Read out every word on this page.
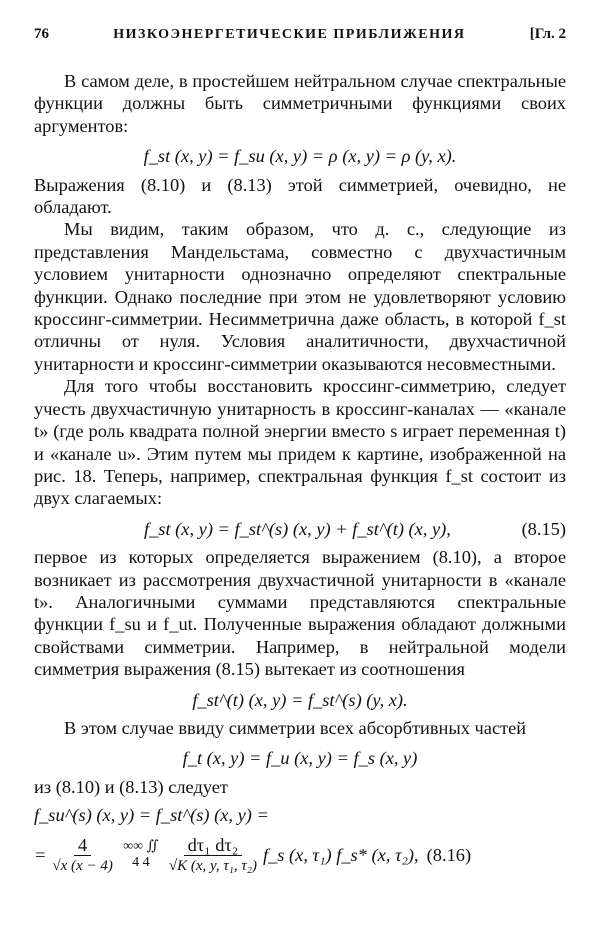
76	НИЗКОЭНЕРГЕТИЧЕСКИЕ ПРИБЛИЖЕНИЯ	[Гл. 2

В самом деле, в простейшем нейтральном случае спектральные функции должны быть симметричными функциями своих аргументов:

f_st (x, y) = f_su (x, y) = ρ (x, y) = ρ (y, x).

Выражения (8.10) и (8.13) этой симметрией, очевидно, не обладают.

Мы видим, таким образом, что д. с., следующие из представления Мандельстама, совместно с двухчастичным условием унитарности однозначно определяют спектральные функции. Однако последние при этом не удовлетворяют условию кроссинг-симметрии. Несимметрична даже область, в которой f_st отличны от нуля. Условия аналитичности, двухчастичной унитарности и кроссинг-симметрии оказываются несовместными.

Для того чтобы восстановить кроссинг-симметрию, следует учесть двухчастичную унитарность в кроссинг-каналах — «канале t» (где роль квадрата полной энергии вместо s играет переменная t) и «канале u». Этим путем мы придем к картине, изображенной на рис. 18. Теперь, например, спектральная функция f_st состоит из двух слагаемых:

f_st (x, y) = f_st^(s) (x, y) + f_st^(t) (x, y),	(8.15)

первое из которых определяется выражением (8.10), а второе возникает из рассмотрения двухчастичной унитарности в «канале t». Аналогичными суммами представляются спектральные функции f_su и f_ut. Полученные выражения обладают должными свойствами симметрии. Например, в нейтральной модели симметрия выражения (8.15) вытекает из соотношения

f_st^(t) (x, y) = f_st^(s) (y, x).

В этом случае ввиду симметрии всех абсорбтивных частей

f_t (x, y) = f_u (x, y) = f_s (x, y)

из (8.10) и (8.13) следует

f_su^(s) (x, y) = f_st^(s) (x, y) =
= $\frac{4}{√x (x - 4)}$ ∞∞ ∬ 4 4	$\frac{\text{dτ₁ dτ₂}}{\text{√K (x, y, τ₁, τ₂)}}$ f_s (x, τ₁) f_s* (x, τ₂), (8.16)
